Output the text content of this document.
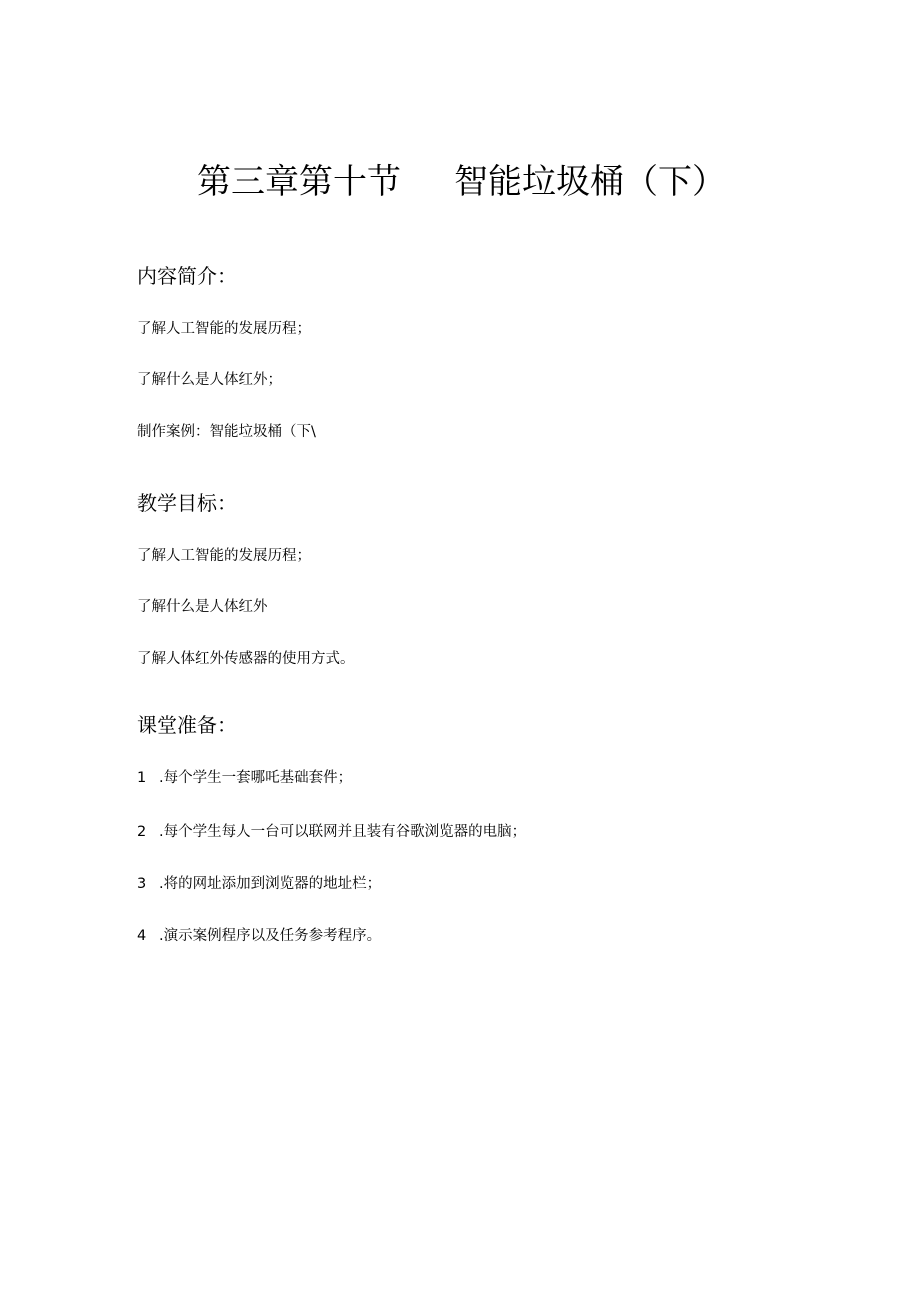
第三章第十节 智能垃圾桶（下）

内容简介：

了解人工智能的发展历程；
了解什么是人体红外；
制作案例：智能垃圾桶（下\

教学目标：

了解人工智能的发展历程；
了解什么是人体红外
了解人体红外传感器的使用方式。

课堂准备：

1 .每个学生一套哪吒基础套件；
2 .每个学生每人一台可以联网并且装有谷歌浏览器的电脑；
3 .将的网址添加到浏览器的地址栏；
4 .演示案例程序以及任务参考程序。
